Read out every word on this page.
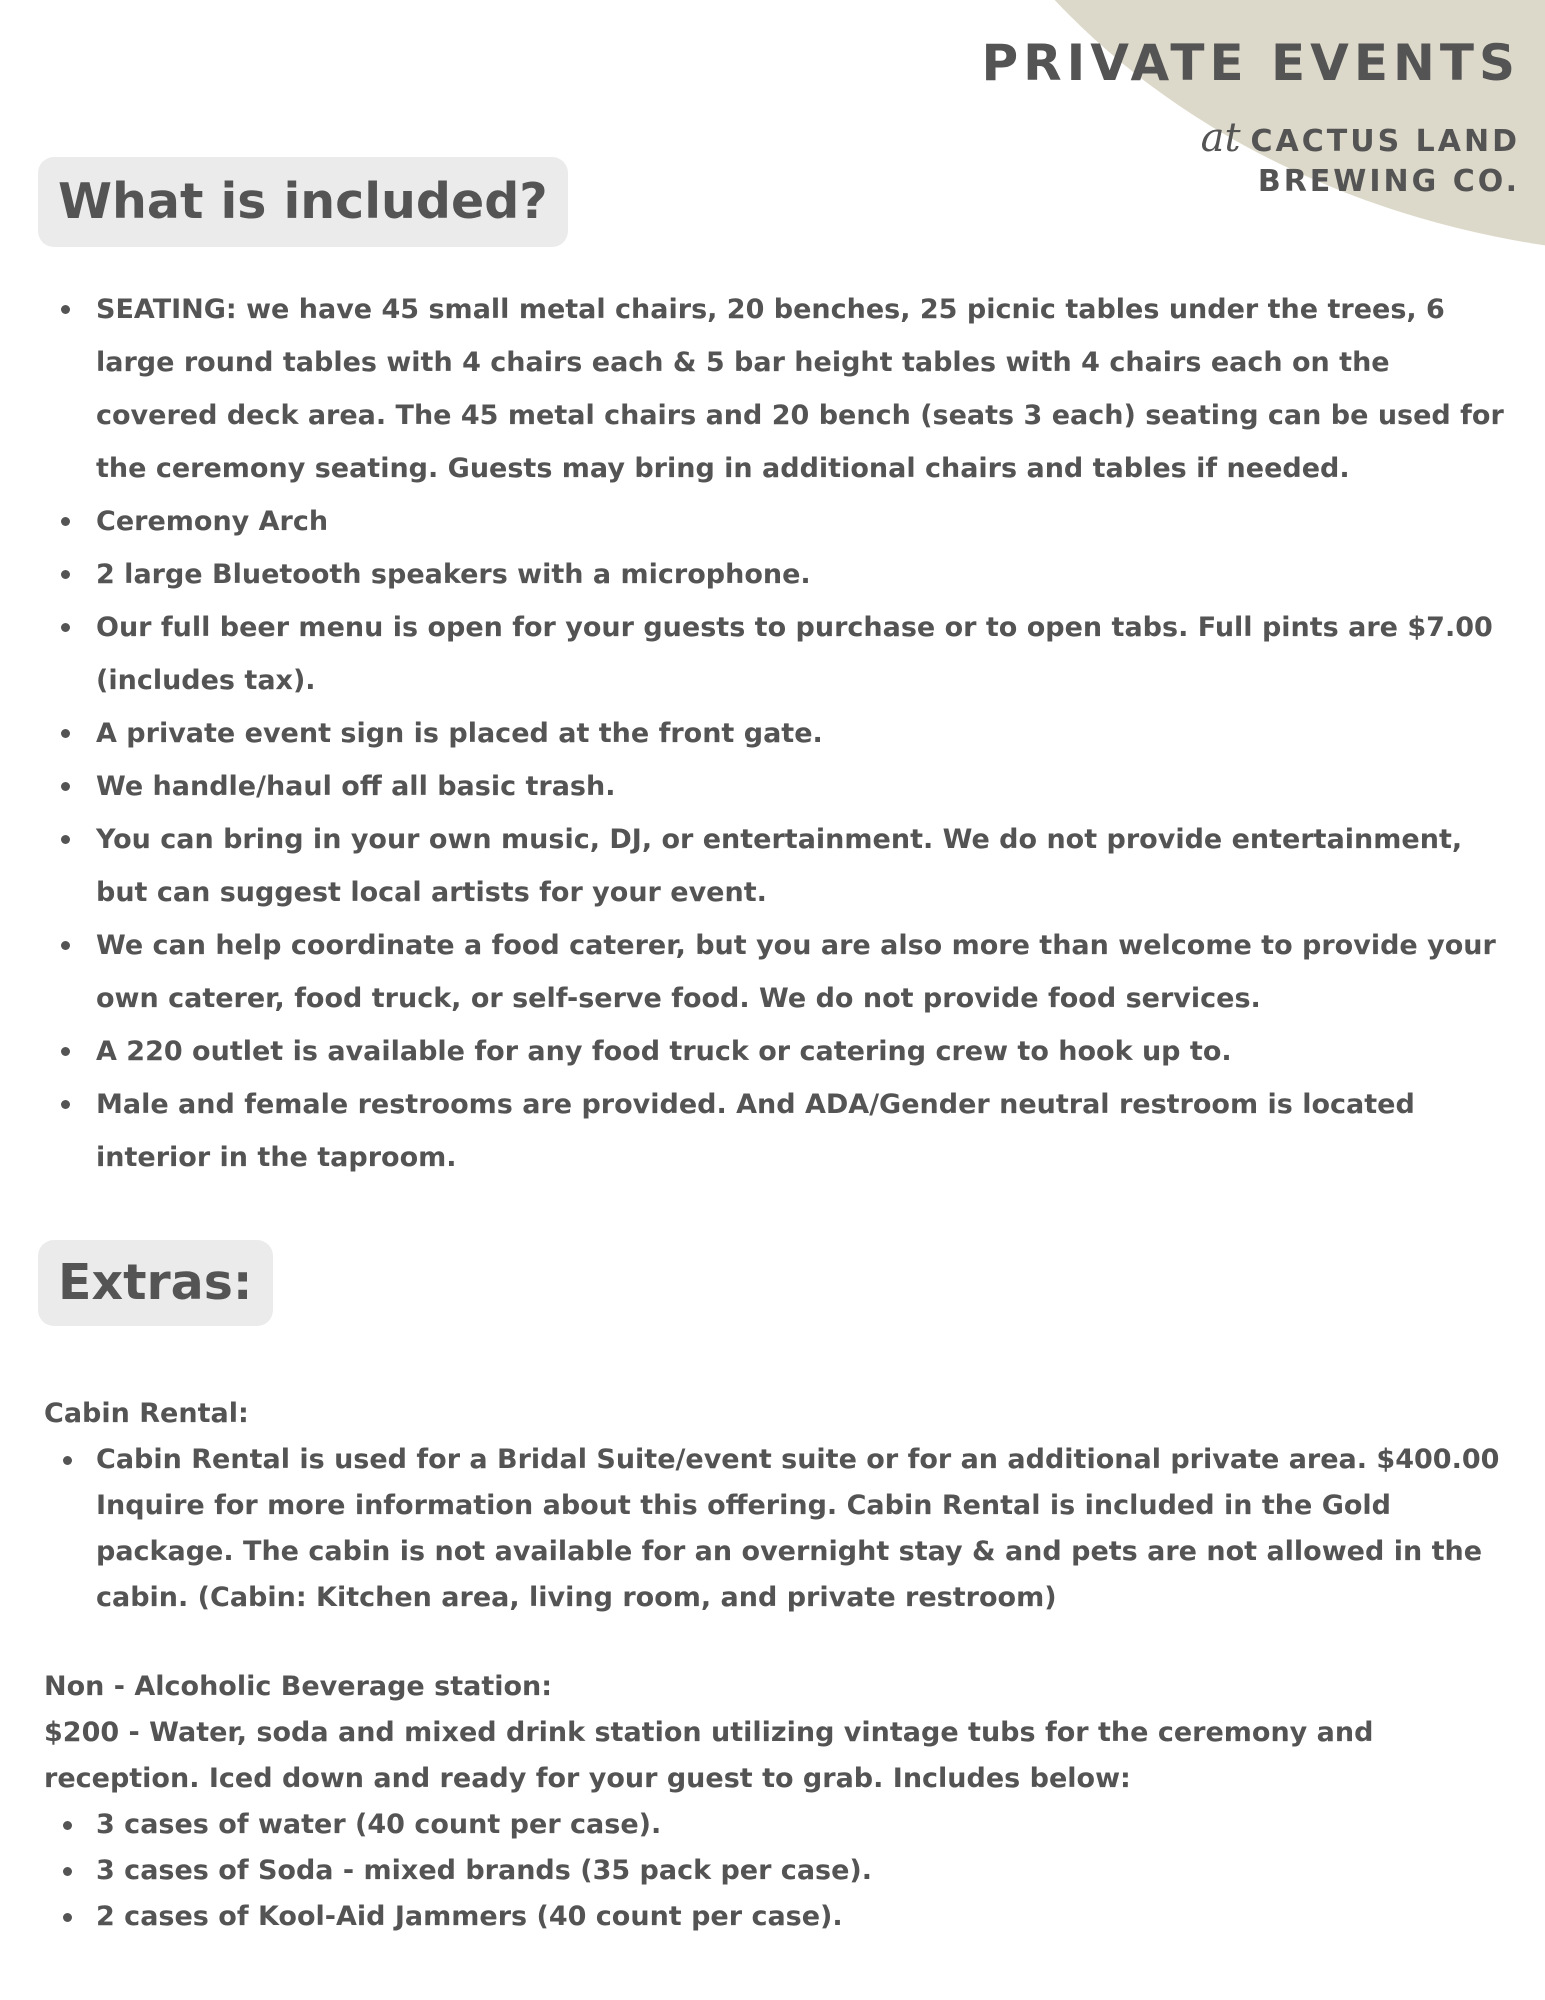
PRIVATE EVENTS
at CACTUS LAND
BREWING CO.
What is included?
SEATING: we have 45 small metal chairs, 20 benches, 25 picnic tables under the trees, 6 large round tables with 4 chairs each & 5 bar height tables with 4 chairs each on the covered deck area. The 45 metal chairs and 20 bench (seats 3 each) seating can be used for the ceremony seating. Guests may bring in additional chairs and tables if needed.
Ceremony Arch
2 large Bluetooth speakers with a microphone.
Our full beer menu is open for your guests to purchase or to open tabs. Full pints are $7.00 (includes tax).
A private event sign is placed at the front gate.
We handle/haul off all basic trash.
You can bring in your own music, DJ, or entertainment. We do not provide entertainment, but can suggest local artists for your event.
We can help coordinate a food caterer, but you are also more than welcome to provide your own caterer, food truck, or self-serve food. We do not provide food services.
A 220 outlet is available for any food truck or catering crew to hook up to.
Male and female restrooms are provided. And ADA/Gender neutral restroom is located interior in the taproom.
Extras:

Cabin Rental:

Cabin Rental is used for a Bridal Suite/event suite or for an additional private area. $400.00 Inquire for more information about this offering. Cabin Rental is included in the Gold package. The cabin is not available for an overnight stay & and pets are not allowed in the cabin. (Cabin: Kitchen area, living room, and private restroom)

Non - Alcoholic Beverage station:

$200 - Water, soda and mixed drink station utilizing vintage tubs for the ceremony and reception. Iced down and ready for your guest to grab. Includes below:

3 cases of water (40 count per case).
3 cases of Soda - mixed brands (35 pack per case).
2 cases of Kool-Aid Jammers (40 count per case).
